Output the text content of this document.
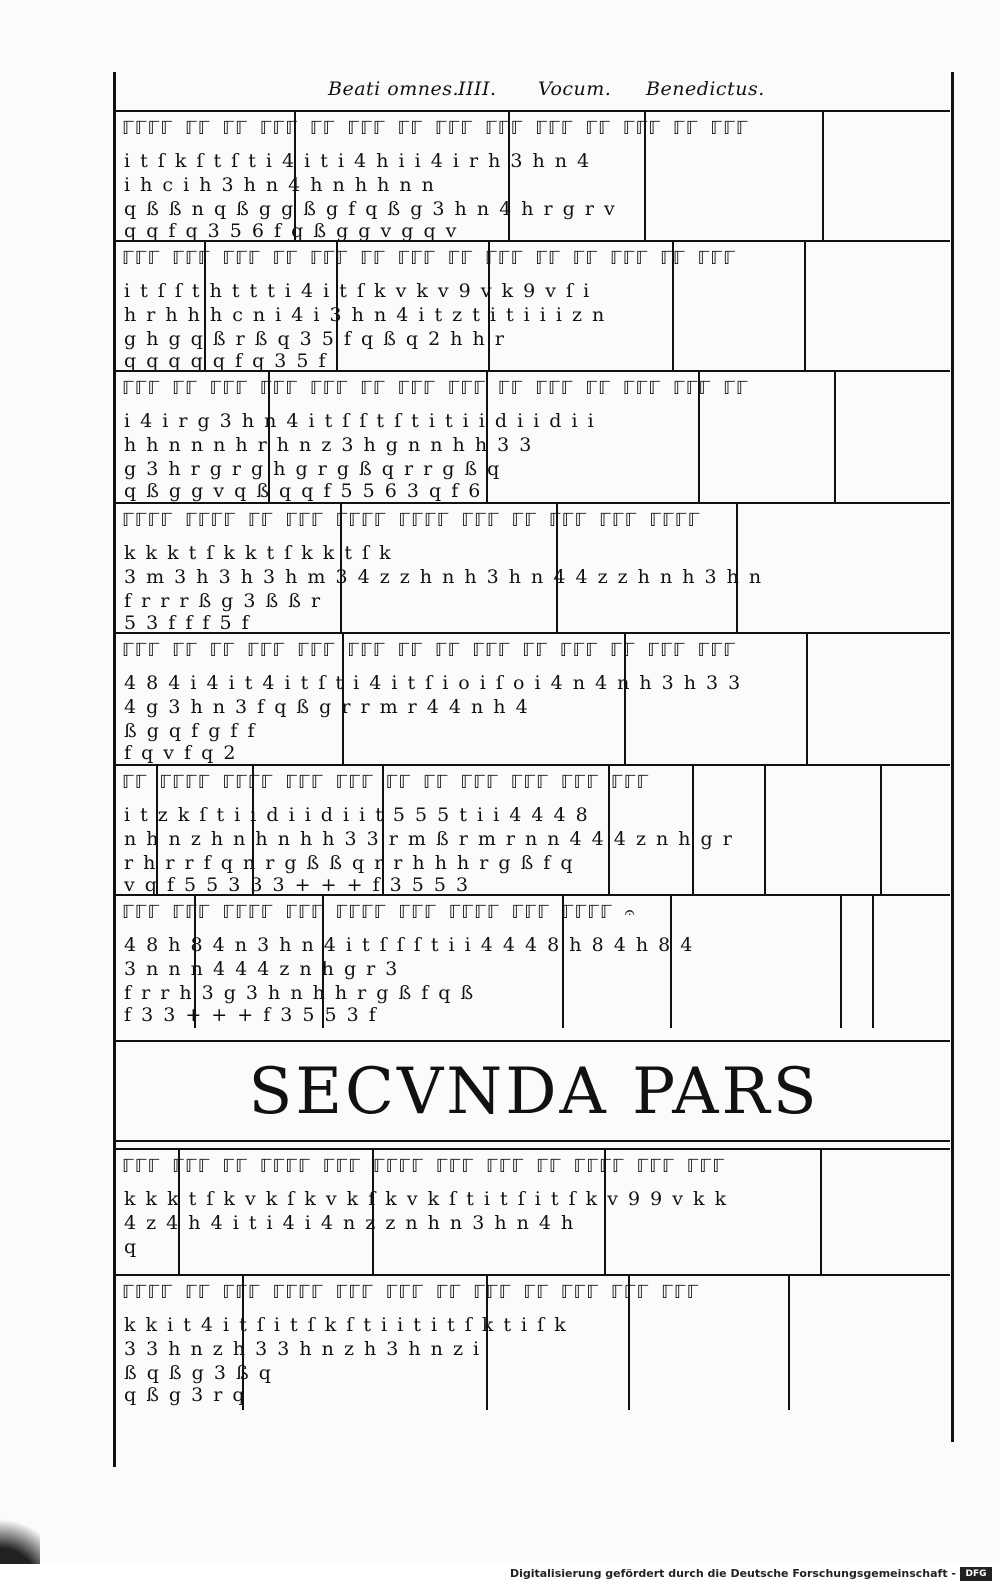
Beati omnes.
IIII. Vocum. Benedictus.
ℾℾℾℾ ℾℾ ℾℾ ℾℾℾ ℾℾ ℾℾℾ ℾℾ ℾℾℾ ℾℾℾ ℾℾℾ ℾℾ ℾℾℾ ℾℾ ℾℾℾ
i t ſ k ſ t ſ t i 4 i t i 4 h i i 4 i r h 3 h n 4
i h c i h 3 h n 4 h n h h n n
q ß ß n q ß g g ß g f q ß g 3 h n 4 h r g r v
q q f q 3 5 6 f q ß g g v g q v
ℾℾℾ ℾℾℾ ℾℾℾ ℾℾ ℾℾℾ ℾℾ ℾℾℾ ℾℾ ℾℾℾ ℾℾ ℾℾ ℾℾℾ ℾℾ ℾℾℾ
i t ſ ſ t h t t t i 4 i t ſ k v k v 9 v k 9 v ſ i
h r h h h c n i 4 i 3 h n 4 i t z t i t i i i z n
g h g q ß r ß q 3 5 f q ß q 2 h h r
q q q q q f q 3 5 f
ℾℾℾ ℾℾ ℾℾℾ ℾℾℾ ℾℾℾ ℾℾ ℾℾℾ ℾℾℾ ℾℾ ℾℾℾ ℾℾ ℾℾℾ ℾℾℾ ℾℾ
i 4 i r g 3 h n 4 i t ſ ſ t ſ t i t i i d i i d i i
h h n n n h r h n z 3 h g n n h h 3 3
g 3 h r g r g h g r g ß q r r g ß q
q ß g g v q ß q q f 5 5 6 3 q f 6
ℾℾℾℾ ℾℾℾℾ ℾℾ ℾℾℾ ℾℾℾℾ ℾℾℾℾ ℾℾℾ ℾℾ ℾℾℾ ℾℾℾ ℾℾℾℾ
k k k t ſ k k t ſ k k t ſ k
3 m 3 h 3 h 3 h m 3 4 z z h n h 3 h n 4 4 z z h n h 3 h n
f r r r ß g 3 ß ß r
5 3 f f f 5 f
ℾℾℾ ℾℾ ℾℾ ℾℾℾ ℾℾℾ ℾℾℾ ℾℾ ℾℾ ℾℾℾ ℾℾ ℾℾℾ ℾℾ ℾℾℾ ℾℾℾ
4 8 4 i 4 i t 4 i t ſ t i 4 i t ſ i o i ſ o i 4 n 4 n h 3 h 3 3
4 g 3 h n 3 f q ß g r r m r 4 4 n h 4
ß g q f g f f
f q v f q 2
ℾℾ ℾℾℾℾ ℾℾℾℾ ℾℾℾ ℾℾℾ ℾℾ ℾℾ ℾℾℾ ℾℾℾ ℾℾℾ ℾℾℾ
i t z k ſ t i i d i i d i i t 5 5 5 t i i 4 4 4 8
n h n z h n h n h h 3 3 r m ß r m r n n 4 4 4 z n h g r
r h r r f q n r g ß ß q r r h h h r g ß f q
v q f 5 5 3 3 3 + + + f 3 5 5 3
ℾℾℾ ℾℾℾ ℾℾℾℾ ℾℾℾ ℾℾℾℾ ℾℾℾ ℾℾℾℾ ℾℾℾ ℾℾℾℾ 𝄐
4 8 h 8 4 n 3 h n 4 i t ſ ſ ſ t i i 4 4 4 8 h 8 4 h 8 4
3 n n n 4 4 4 z n h g r 3
f r r h 3 g 3 h n h h r g ß f q ß
f 3 3 + + + f 3 5 5 3 f
SECVNDA PARS
ℾℾℾ ℾℾℾ ℾℾ ℾℾℾℾ ℾℾℾ ℾℾℾℾ ℾℾℾ ℾℾℾ ℾℾ ℾℾℾℾ ℾℾℾ ℾℾℾ
k k k t ſ k v k ſ k v k ſ k v k ſ t i t ſ i t ſ k v 9 9 v k k
4 z 4 h 4 i t i 4 i 4 n z z n h n 3 h n 4 h
q
ℾℾℾℾ ℾℾ ℾℾℾ ℾℾℾℾ ℾℾℾ ℾℾℾ ℾℾ ℾℾℾ ℾℾ ℾℾℾ ℾℾℾ ℾℾℾ
k k i t 4 i t ſ i t ſ k ſ t i i t i t ſ k t i ſ k
3 3 h n z h 3 3 h n z h 3 h n z i
ß q ß g 3 ß q
q ß g 3 r q
Digitalisierung gefördert durch die Deutsche Forschungsgemeinschaft -	DFG
